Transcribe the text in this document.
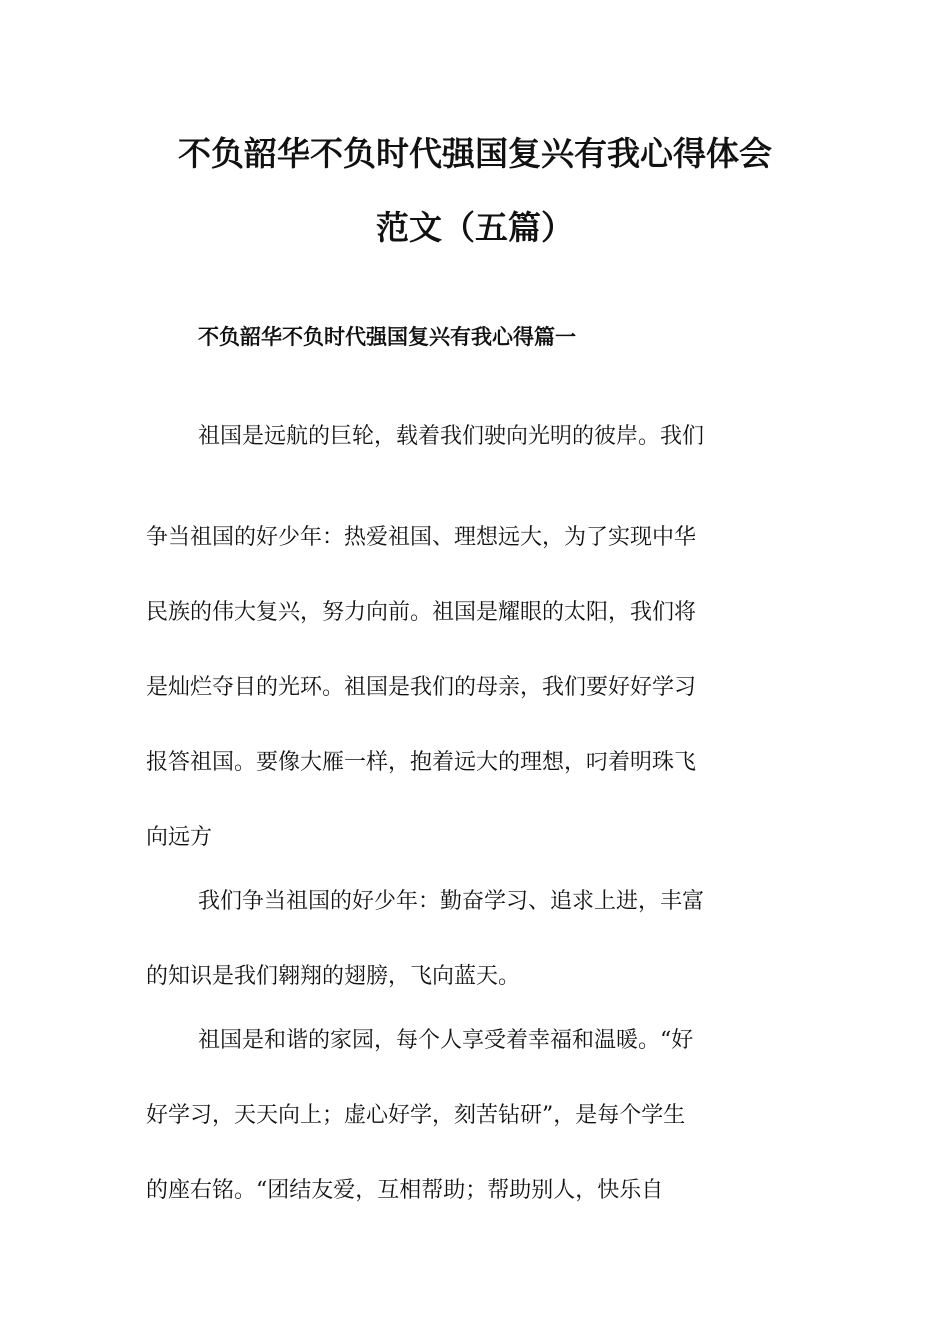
不负韶华不负时代强国复兴有我心得体会
范文（五篇）
不负韶华不负时代强国复兴有我心得篇一

祖国是远航的巨轮，载着我们驶向光明的彼岸。我们

争当祖国的好少年：热爱祖国、理想远大，为了实现中华

民族的伟大复兴，努力向前。祖国是耀眼的太阳，我们将

是灿烂夺目的光环。祖国是我们的母亲，我们要好好学习

报答祖国。要像大雁一样，抱着远大的理想，叼着明珠飞

向远方

我们争当祖国的好少年：勤奋学习、追求上进，丰富

的知识是我们翱翔的翅膀，飞向蓝天。

祖国是和谐的家园，每个人享受着幸福和温暖。“好

好学习，天天向上；虚心好学，刻苦钻研”，是每个学生

的座右铭。“团结友爱，互相帮助；帮助别人，快乐自
